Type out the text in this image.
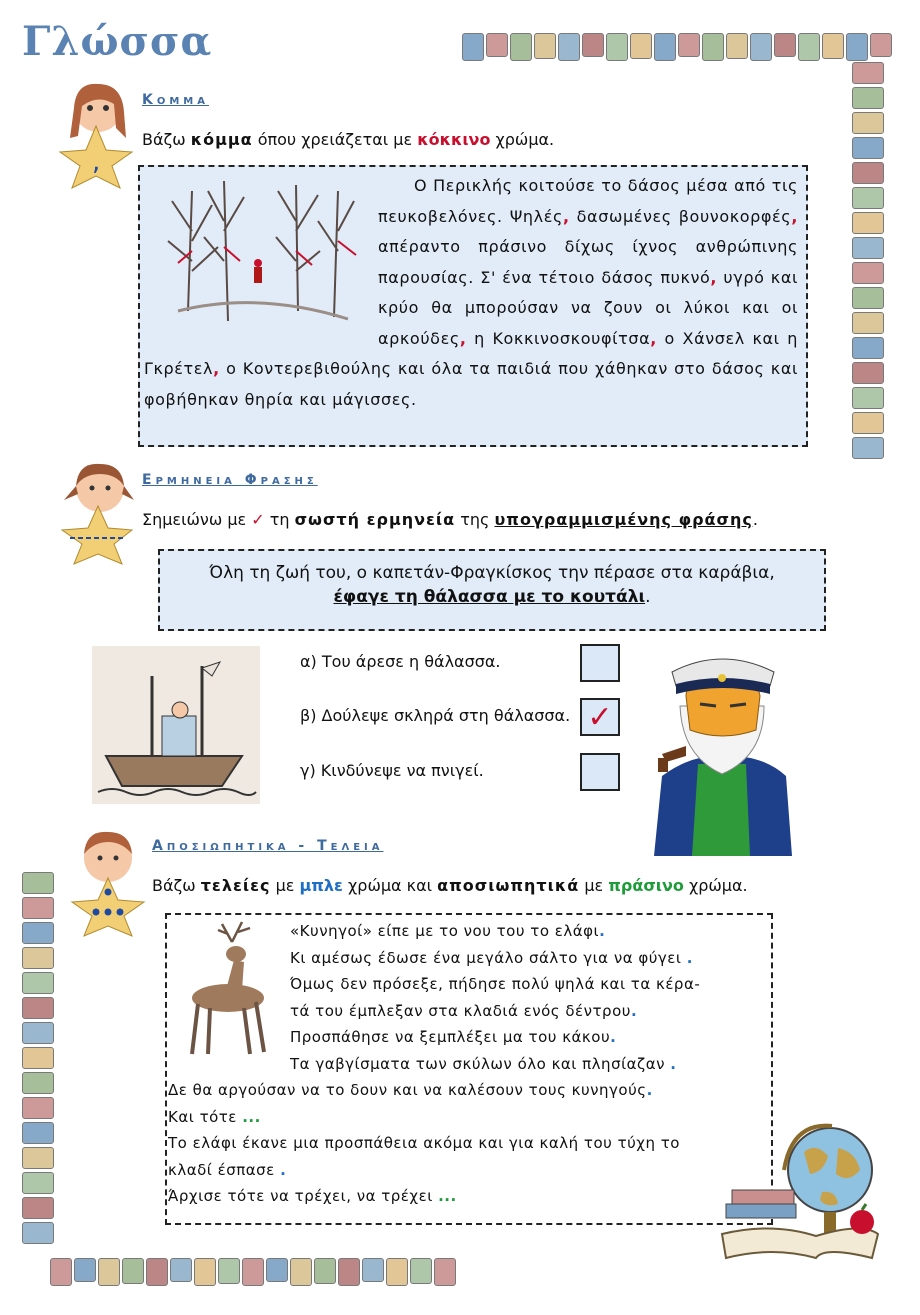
Γλώσσα
,
Κομμα
Βάζω κόμμα όπου χρειάζεται με κόκκινο χρώμα.
Ο Περικλής κοιτούσε το δάσος μέσα από τις πευκοβελόνες. Ψηλές, δασωμένες βουνοκορφές, απέραντο πράσινο δίχως ίχνος ανθρώπινης παρουσίας. Σ' ένα τέτοιο δάσος πυκνό, υγρό και κρύο θα μπορούσαν να ζουν οι λύκοι και οι αρκούδες, η Κοκκινοσκουφίτσα, ο Χάνσελ και η Γκρέτελ, ο Κοντερεβιθούλης και όλα τα παιδιά που χάθηκαν στο δάσος και φοβήθηκαν θηρία και μάγισσες.
Ερμηνεια Φρασης
Σημειώνω με ✓ τη σωστή ερμηνεία της υπογραμμισμένης φράσης.
Όλη τη ζωή του, ο καπετάν-Φραγκίσκος την πέρασε στα καράβια,
έφαγε τη θάλασσα με το κουτάλι.
α) Του άρεσε η θάλασσα.
β) Δούλεψε σκληρά στη θάλασσα.
γ) Κινδύνεψε να πνιγεί.
✓
Αποσιωπητικα - Τελεια
Βάζω τελείες με μπλε χρώμα και αποσιωπητικά με πράσινο χρώμα.
«Κυνηγοί» είπε με το νου του το ελάφι.
Κι αμέσως έδωσε ένα μεγάλο σάλτο για να φύγει .
Όμως δεν πρόσεξε, πήδησε πολύ ψηλά και τα κέρα-
τά του έμπλεξαν στα κλαδιά ενός δέντρου.
Προσπάθησε να ξεμπλέξει μα του κάκου.
Τα γαβγίσματα των σκύλων όλο και πλησίαζαν .
Δε θα αργούσαν να το δουν και να καλέσουν τους κυνηγούς.
Και τότε ...
Το ελάφι έκανε μια προσπάθεια ακόμα και για καλή του τύχη το
κλαδί έσπασε .
Άρχισε τότε να τρέχει, να τρέχει ...
